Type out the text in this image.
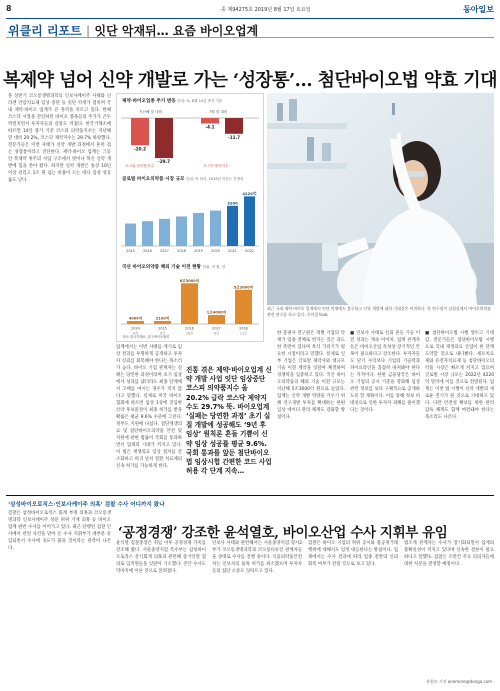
8	종 제94275호 2019년 8월 17일 토요일	동아일보
위클리 리포트 | 잇단 악재뒤… 요즘 바이오업계
복제약 넘어 신약 개발로 가는 ‘성장통’… 첨단바이오법 약효 기대
올 상반기 코오롱생명과학의 인보사케이주 사태와 신라젠 간암치료제 임상 중단 등 잇단 악재가 겹치며 국내 제약·바이오 업계가 큰 홍역을 치르고 있다. 한때 코스닥 시장을 견인하던 바이오 종목들의 주가가 곤두박질치면서 투자자들의 실망도 커졌다. 한국거래소에 따르면 14일 종가 기준 코스피 의약품지수는 지난해 말 대비 20.2%, 코스닥 제약지수는 29.7% 하락했다. 전문가들은 이번 사태가 신약 개발 과정에서 흔히 겪는 성장통이라고 진단한다. 제약·바이오 업계는 그동안 복제약 위주의 사업 구조에서 벗어나 혁신 신약 개발에 힘을 쏟아 왔다. 하지만 신약 개발은 통상 10년 이상 걸리고 1조 원 넘는 비용이 드는 데다 임상 성공률도 낮다.
제약·바이오업종 주가 변동 단위: %, 8월 14일 종가 기준
지난해 말 대비	7월 말 대비
-20.2
-29.7
-4.1
-11.7
코스피 의약품지수	코스닥 제약지수
글로벌 바이오의약품 시장 규모 단위: 억 달러, 2019년 이후는 추정치
2015 2016 2017 2018 2019 2020 2021
3200
2022
4220억
국산 바이오의약품 해외 기술 이전 현황 단위: 억 원, 건
4000억
2014
4건
2100억
2015
5건
6조3000억
2016
18건
1조4000억
2017
6건
5조3000억
2018
11건
자료: 한국거래소, 한국바이오협회
최근 국내 제약·바이오 업계에서 잇단 악재에도 불구하고 신약 개발에 대한 기대감은 여전하다. 한 연구원이 실험실에서 바이오의약품 관련 연구를 하고 있다. 동아일보DB
업계에서는 이번 사태를 계기로 임상 결과를 투명하게 공개하고 투자자 신뢰를 회복해야 한다는 목소리가 높다. 바이오 기업 관계자는 실패는 당연한 과정이라며 초기 임상에서 성과를 냈더라도 최종 단계에서 고배를 마시는 경우가 적지 않다고 말했다. 실제로 미국 바이오협회에 따르면 임상 1상에 진입한 신약 후보물질이 최종 허가를 받을 확률은 평균 9.6% 수준에 그친다. 정부도 지원에 나섰다. 첨단재생의료 및 첨단바이오의약품 안전 및 지원에 관한 법률이 국회를 통과하면서 업계의 기대가 커지고 있다. 이 법은 재생의료 임상 절차를 간소화하고 희귀 난치 질환 치료제의 신속 허가를 가능하게 한다.
진통 겪은 제약·바이오업계 신약 개발 사업 잇단 임상중단 코스피 의약품지수 올 20.2% 급락 코스닥 제약지수도 29.7% 뚝. 바이오업계 ‘실패는 당연한 과정’ 초기 실질 개발에 성공해도 ‘9년 후 임상’ 원칙론 흔들 기쁨이 신약 임상 성공률 평균 9.6%. 국회 통과를 앞둔 첨단바이오법 임상시험 간편한 코드 사업 허용 각 단계 지속…
한 증권사 연구원은 개별 기업의 악재가 업종 전체로 번지는 것은 과도한 측면이 있다며 옥석 가리기가 필요한 시점이라고 말했다. 실제로 일부 기업은 글로벌 제약사와 대규모 기술 이전 계약을 잇달아 체결하며 경쟁력을 입증하고 있다. 국산 바이오의약품의 해외 기술 이전 규모는 지난해 5조3000억 원으로 늘었다. 업계는 신약 개발 역량을 키우기 위해 연구개발 투자를 확대하는 한편 임상 데이터 관리 체계도 강화할 방침이다.
■ 인보사 사태로 신뢰 흔들 기술 이전 성과는 계속 이어져. 업계 관계자들은 바이오산업 특성상 장기적인 안목이 필요하다고 강조한다. 투자자들도 단기 수익보다 기업의 기술력과 파이프라인을 꼼꼼히 따져봐야 한다는 지적이다. 한편 금융당국은 바이오 기업의 공시 기준을 강화해 임상 관련 정보를 보다 구체적으로 공개하도록 할 계획이다. 이를 통해 정보 비대칭으로 인한 투자자 피해를 줄이겠다는 것이다.
■ 첨단바이오법 시행 앞두고 기대감. 전문가들은 첨단바이오법 시행으로 국내 재생의료 산업이 한 단계 도약할 것으로 내다봤다. 세포치료제와 유전자치료제 등 첨단바이오의약품 시장은 빠르게 커지고 있으며 글로벌 시장 규모는 2022년 4220억 달러에 이를 것으로 전망된다. 업계는 이번 법 시행이 신약 개발의 새로운 전기가 될 것으로 기대하고 있다. 다만 안전성 확보를 위한 관리 감독 체계도 함께 마련돼야 한다는 목소리도 나온다.
‘삼성바이오로직스·인보사케이주 의혹’ 검찰 수사 어디까지 왔나
‘공정경쟁’ 강조한 윤석열호, 바이오산업 수사 지휘부 유임
검찰은 삼성바이오로직스 회계 부정 의혹과 코오롱생명과학 인보사케이주 성분 허위 기재 의혹 등 바이오 업계 관련 수사를 이어가고 있다. 최근 단행된 검찰 인사에서 관련 사건을 맡아 온 수사 지휘부가 대부분 유임되면서 수사에 속도가 붙을 것이라는 관측이 나온다.
윤석열 검찰총장은 취임 이후 공정경쟁 가치를 강조해 왔다. 서울중앙지검 특수부는 삼성바이오로직스 분식회계 의혹과 관련해 증거인멸 혐의로 임직원들을 잇달아 기소했다. 본안 수사도 막바지에 이른 것으로 알려졌다.
인보사 사태와 관련해서는 서울중앙지검 형사2부가 코오롱생명과학과 코오롱티슈진 관계자들을 상대로 수사를 진행 중이다. 식품의약품안전처는 인보사의 품목 허가를 취소했으며 투자자들의 집단 소송도 잇따르고 있다.
검찰은 바이오 기업의 허위 공시와 불공정거래 행위에 대해서도 엄정 대응한다는 방침이다. 업계에서는 수사 결과에 따라 업종 전반의 신뢰 회복 여부가 갈릴 것으로 보고 있다.
법조계 관계자는 수사가 장기화되면서 업계의 불확실성이 커지고 있다며 신속한 결론이 필요하다고 말했다. 검찰은 조만간 주요 피의자들에 대한 처분을 결정할 예정이다.
유원모 기자 onemore@donga.com
